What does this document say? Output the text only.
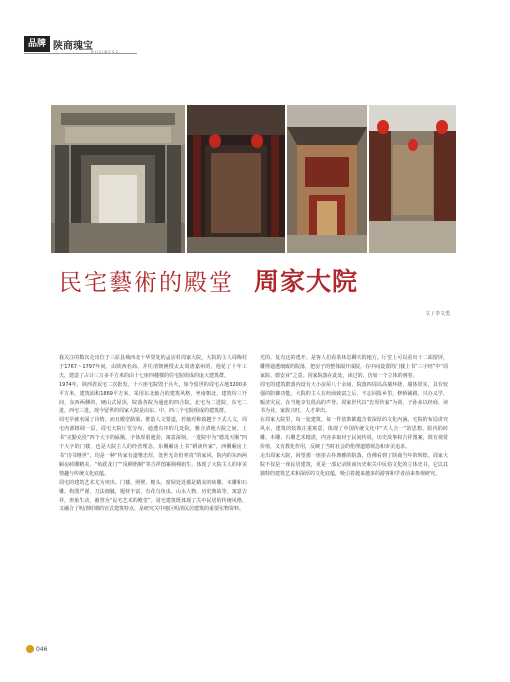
品牌 陕商瑰宝
民宅藝術的殿堂 周家大院
文 / 李文勇

我关注的数次走出位于三原县城西北十华里处的孟店村周家大院。大院的主人周梅村于1767～1797年间，由陕西名商、并任清朝例授太太周唐嘉州的，他花了十年工夫，建造了占计三万多平方米的由十七座四楼楼的住宅院组成的庞大建筑群。

1974年，陕西省民宅二次批发。十六座宅院毁于兵火。如今留世的周宅占地3200多平方米，建筑面积1869平方米。采用东北轴合的建筑风格，坐南朝北，建筑均三开间，东西两侧的，硬山式屋顶，院落各院为通连的四合院。北宅为二进院，东宅二进，西宅三进。现今留世的周家大院是由东、中、西三个宅院组成的建筑群。

周宅早就名闻了诗情。而且殿堂路梁。推造人文要道，若轴对称致越于下式人文，周宅内部格调一层，周宅大院厅堂分布，通透有序的几处院，雅合清地大院之间。上书“克勤克俭”四个大字的匾额，字体厚重遒劲，寓意深刻。一进院中为“德茂天顺”四个大字的门楼，也是大院主人的经营理念，东侧厢房上书“耕读传家”，西侧厢房上书“诗书继世”，均是一种“传家有道惟忠厚，处世无奇但率真”的家风，院内的东西两厢房砖雕精美，“鱼跃龙门”“凤栖梧桐”等吉祥图案栩栩如生，体现了大院主人的审美情趣与传统文化底蕴。

周宅的建筑艺术尤为突出。门楼、照壁、檐头、窗棂处处都是精美的砖雕、木雕和石雕。构图严谨，刀法细腻，题材丰富，有花鸟鱼虫、山水人物、历史典故等，寓意吉祥，形象生动，被誉为“民宅艺术的殿堂”。周宅建筑既体现了关中民居的传统风格，又融合了明清时期的官式建筑特点，是研究关中地区明清民居建筑的重要实物资料。

光的、复有这的逃开、是客人们看茶休息聊天的地方。厅堂上可以看出十二面窗屏，雕得通透细致的院落，把房子的整体隔开成院，在中间设置的门楼上书“三字经”中“周家院、德安业”之意。因家院落在此处，读过的，仿如一个立体的画卷。

周宅的建筑群落内设有大小房屋八十余间，院落四周以高墙环绕，墙体厚实，具有较强的防御功能。大院的主人在经商致富之后，不忘回报乡里，修桥铺路，兴办义学，赈济灾民，在当地享有很高的声誉。周家世代以“忠厚传家”为训，子孙多以经商、读书为业，家族兴旺，人才辈出。

在周家大院里，每一处建筑、每一件装饰都蕴含着深厚的文化内涵。宅院的布局讲究风水，建筑的装饰注重寓意，体现了中国传统文化中“天人合一”的思想。院内的砖雕、木雕、石雕艺术精湛，内容多取材于民间传说、历史故事和吉祥图案，既有观赏价值，又有教化作用，反映了当时社会的伦理道德观念和审美追求。

走出周家大院，回望那一座座古朴典雅的院落，仿佛看到了陕商当年的辉煌。周家大院不仅是一座民居建筑，更是一部记录陕商历史和关中民俗文化的立体史书。它以其独特的建筑艺术和深厚的文化底蕴，吸引着越来越多的游客和学者前来参观研究。

046
